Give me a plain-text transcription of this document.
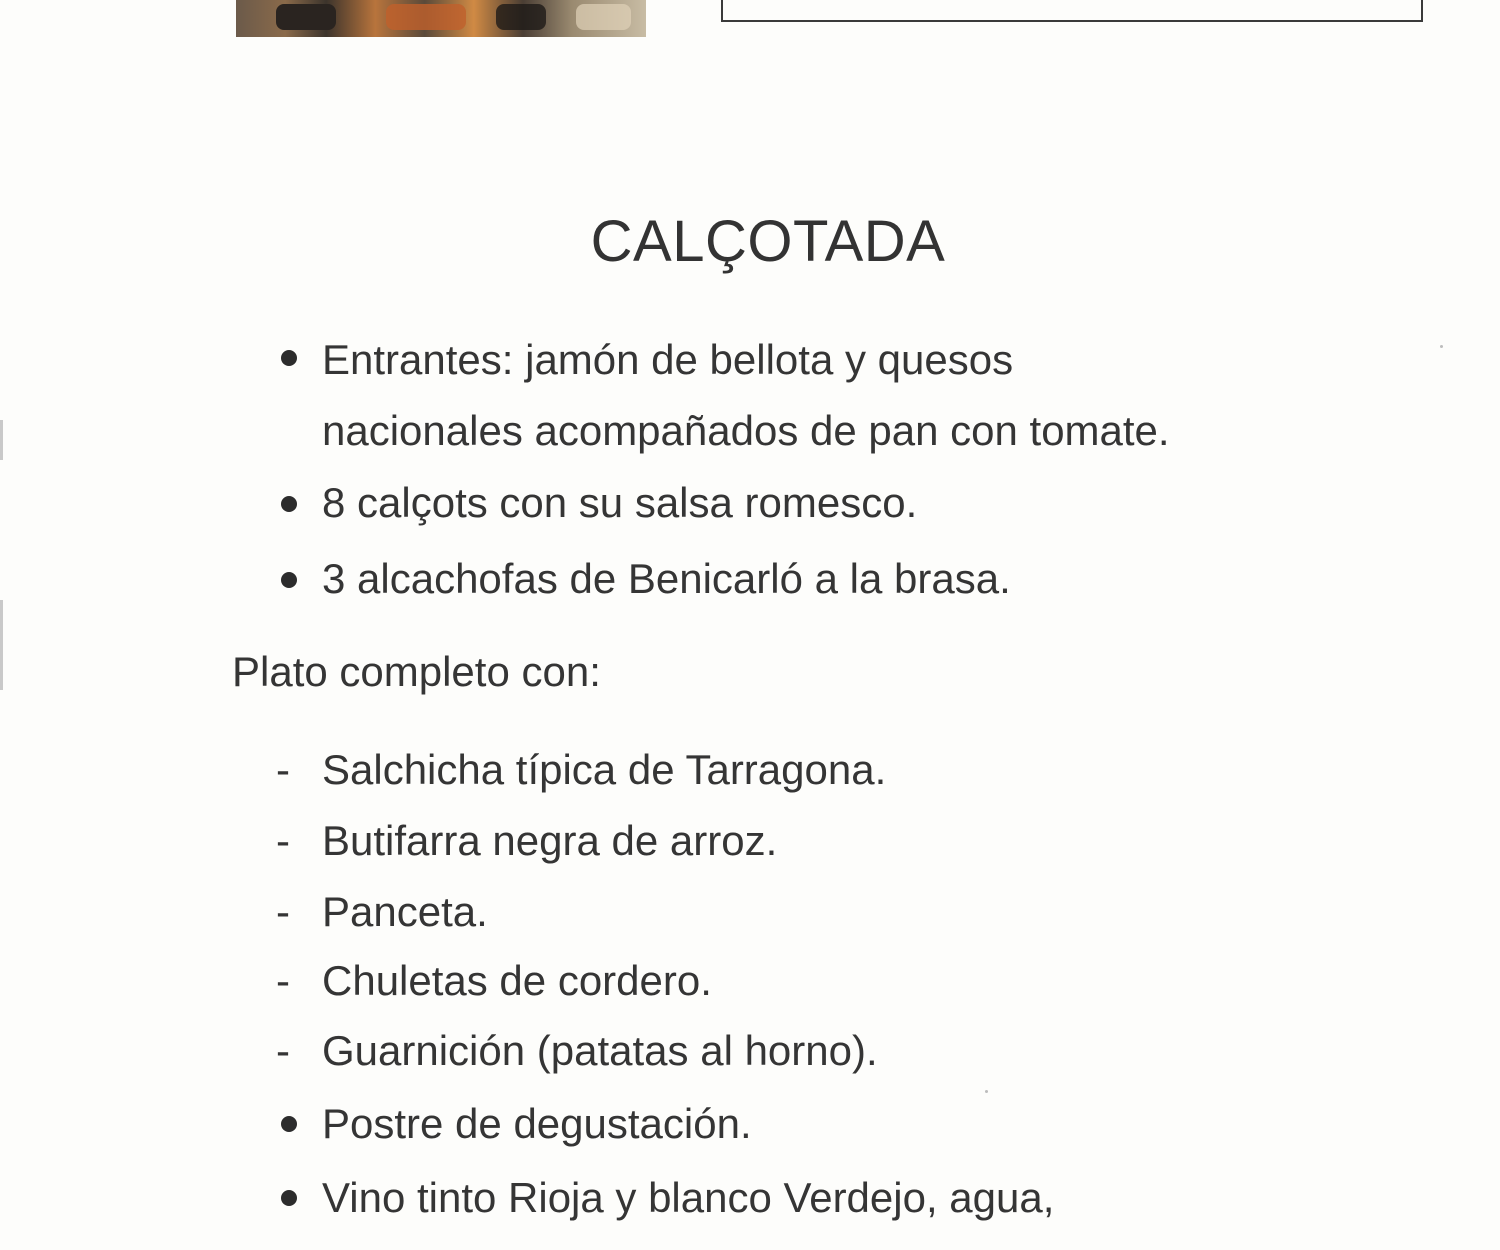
CALÇOTADA
Entrantes: jamón de bellota y quesos
nacionales acompañados de pan con tomate.
8 calçots con su salsa romesco.
3 alcachofas de Benicarló a la brasa.
Plato completo con:
- Salchicha típica de Tarragona.
- Butifarra negra de arroz.
- Panceta.
- Chuletas de cordero.
- Guarnición (patatas al horno).
Postre de degustación.
Vino tinto Rioja y blanco Verdejo, agua,
